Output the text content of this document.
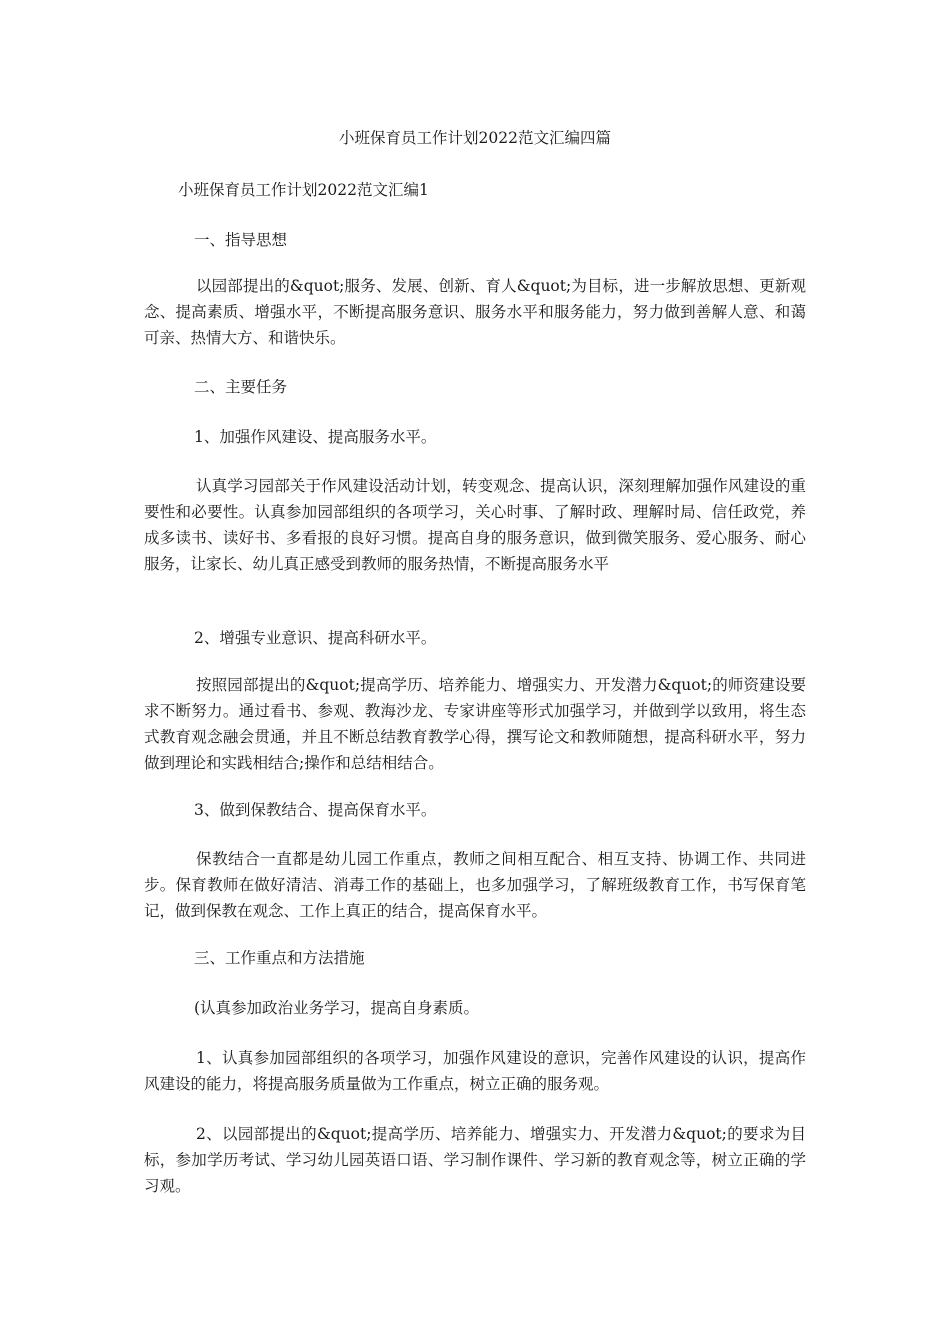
小班保育员工作计划2022范文汇编四篇
小班保育员工作计划2022范文汇编1
一、指导思想

以园部提出的&quot;服务、发展、创新、育人&quot;为目标，进一步解放思想、更新观念、提高素质、增强水平，不断提高服务意识、服务水平和服务能力，努力做到善解人意、和蔼可亲、热情大方、和谐快乐。

二、主要任务
1、加强作风建设、提高服务水平。

认真学习园部关于作风建设活动计划，转变观念、提高认识，深刻理解加强作风建设的重要性和必要性。认真参加园部组织的各项学习，关心时事、了解时政、理解时局、信任政党，养成多读书、读好书、多看报的良好习惯。提高自身的服务意识，做到微笑服务、爱心服务、耐心服务，让家长、幼儿真正感受到教师的服务热情，不断提高服务水平

2、增强专业意识、提高科研水平。

按照园部提出的&quot;提高学历、培养能力、增强实力、开发潜力&quot;的师资建设要求不断努力。通过看书、参观、教海沙龙、专家讲座等形式加强学习，并做到学以致用，将生态式教育观念融会贯通，并且不断总结教育教学心得，撰写论文和教师随想，提高科研水平，努力做到理论和实践相结合;操作和总结相结合。

3、做到保教结合、提高保育水平。

保教结合一直都是幼儿园工作重点，教师之间相互配合、相互支持、协调工作、共同进步。保育教师在做好清洁、消毒工作的基础上，也多加强学习，了解班级教育工作，书写保育笔记，做到保教在观念、工作上真正的结合，提高保育水平。

三、工作重点和方法措施
(认真参加政治业务学习，提高自身素质。

1、认真参加园部组织的各项学习，加强作风建设的意识，完善作风建设的认识，提高作风建设的能力，将提高服务质量做为工作重点，树立正确的服务观。

2、以园部提出的&quot;提高学历、培养能力、增强实力、开发潜力&quot;的要求为目标，参加学历考试、学习幼儿园英语口语、学习制作课件、学习新的教育观念等，树立正确的学习观。
